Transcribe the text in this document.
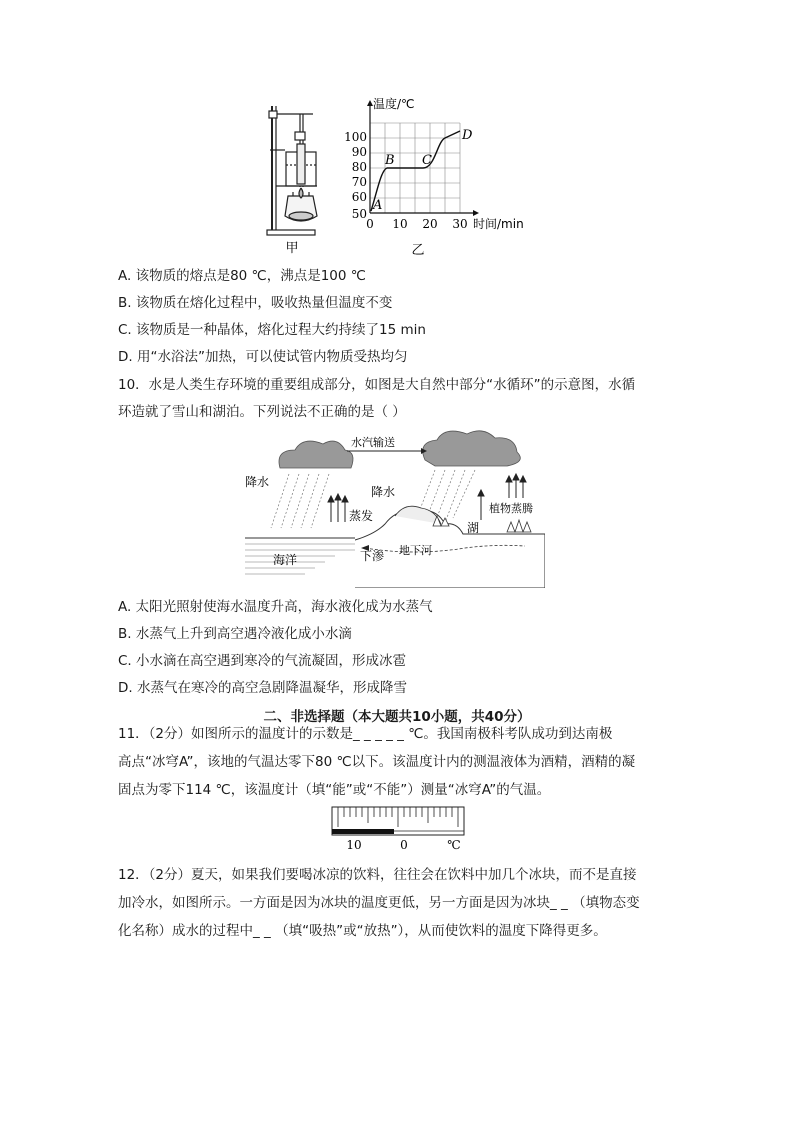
甲
温度/℃
100
90
80
70
60
50
0 10 20 30 时间/min
A
B C
D
乙
A. 该物质的熔点是80 ℃，沸点是100 ℃
B. 该物质在熔化过程中，吸收热量但温度不变
C. 该物质是一种晶体，熔化过程大约持续了15 min
D. 用“水浴法”加热，可以使试管内物质受热均匀
10．水是人类生存环境的重要组成部分，如图是大自然中部分“水循环”的示意图，水循
环造就了雪山和湖泊。下列说法不正确的是（ ）
水汽输送
降水
降水
蒸发
植物蒸腾
湖
海洋	下渗 地下河
A. 太阳光照射使海水温度升高，海水液化成为水蒸气
B. 水蒸气上升到高空遇冷液化成小水滴
C. 小水滴在高空遇到寒冷的气流凝固，形成冰雹
D. 水蒸气在寒冷的高空急剧降温凝华，形成降雪
二、非选择题（本大题共10小题，共40分）
11．（2分）如图所示的温度计的示数是_ _ _ _ _ ℃。我国南极科考队成功到达南极
高点“冰穹A”，该地的气温达零下80 ℃以下。该温度计内的测温液体为酒精，酒精的凝
固点为零下114 ℃，该温度计（填“能”或“不能”）测量“冰穹A”的气温。
10	0	℃
12．（2分）夏天，如果我们要喝冰凉的饮料，往往会在饮料中加几个冰块，而不是直接
加冷水，如图所示。一方面是因为冰块的温度更低，另一方面是因为冰块_ _ （填物态变
化名称）成水的过程中_ _ （填“吸热”或“放热”），从而使饮料的温度下降得更多。
